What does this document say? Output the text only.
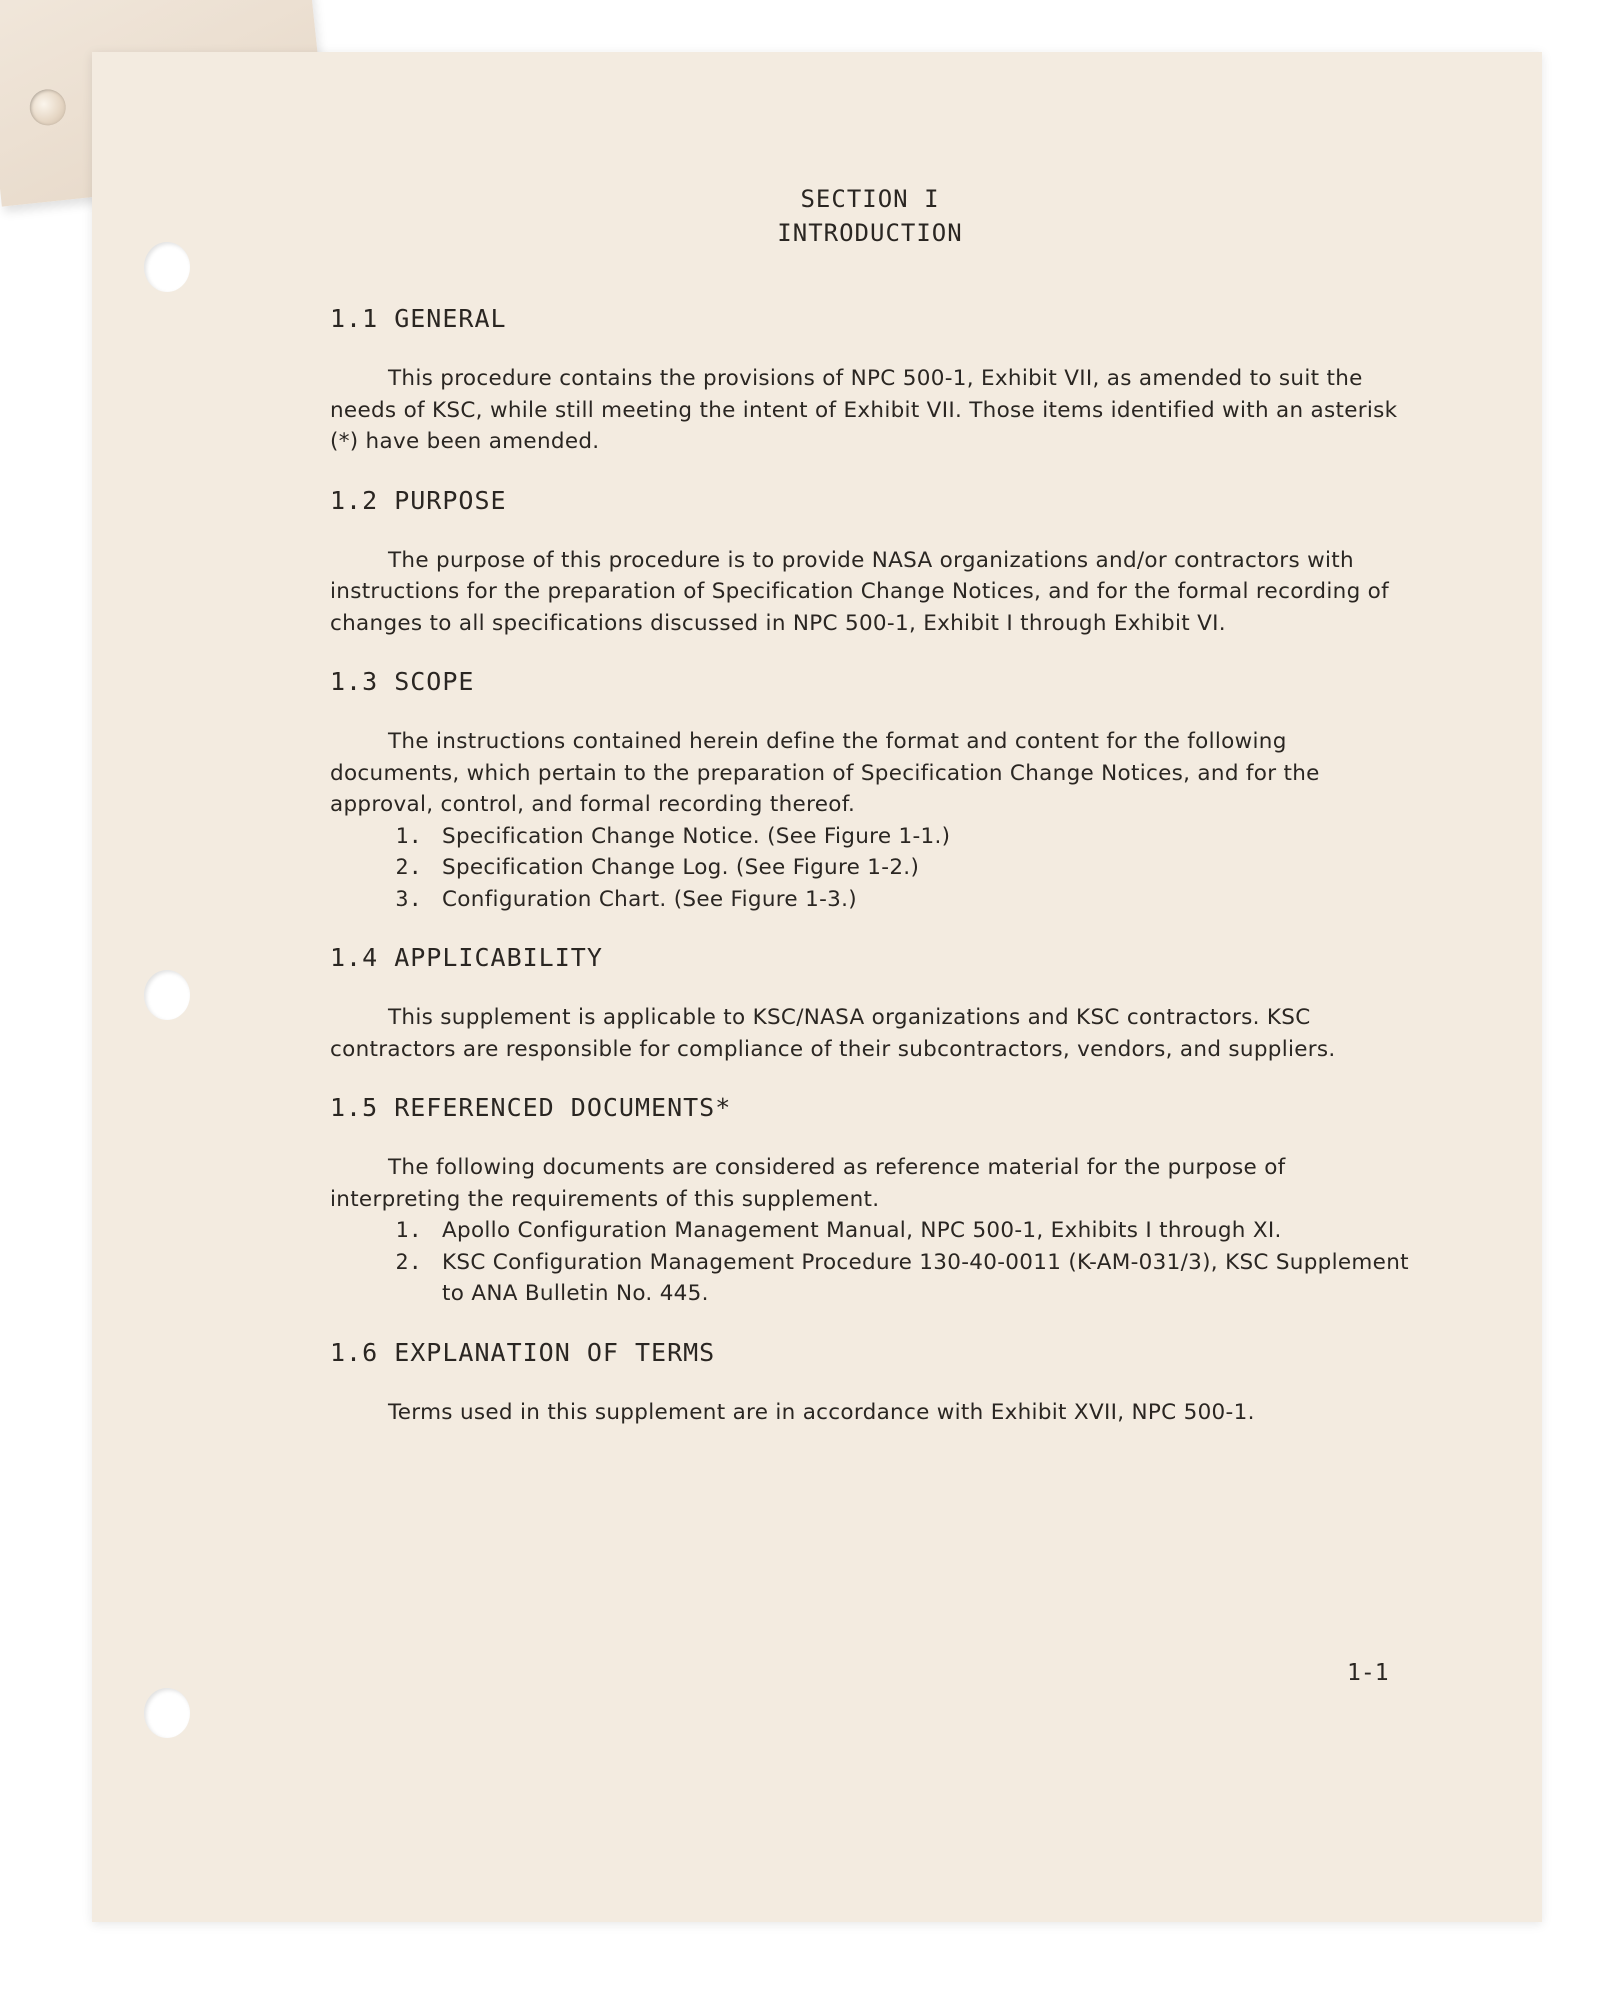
SECTION I
INTRODUCTION
1.1 GENERAL

This procedure contains the provisions of NPC 500-1, Exhibit VII, as amended to suit the needs of KSC, while still meeting the intent of Exhibit VII. Those items identified with an asterisk (*) have been amended.

1.2 PURPOSE

The purpose of this procedure is to provide NASA organizations and/or contractors with instructions for the preparation of Specification Change Notices, and for the formal recording of changes to all specifications discussed in NPC 500-1, Exhibit I through Exhibit VI.

1.3 SCOPE

The instructions contained herein define the format and content for the following documents, which pertain to the preparation of Specification Change Notices, and for the approval, control, and formal recording thereof.

1. Specification Change Notice. (See Figure 1-1.)
2. Specification Change Log. (See Figure 1-2.)
3. Configuration Chart. (See Figure 1-3.)
1.4 APPLICABILITY

This supplement is applicable to KSC/NASA organizations and KSC contractors. KSC contractors are responsible for compliance of their subcontractors, vendors, and suppliers.

1.5 REFERENCED DOCUMENTS*

The following documents are considered as reference material for the purpose of interpreting the requirements of this supplement.

1. Apollo Configuration Management Manual, NPC 500-1, Exhibits I through XI.
2. KSC Configuration Management Procedure 130-40-0011 (K-AM-031/3), KSC Supplement to ANA Bulletin No. 445.
1.6 EXPLANATION OF TERMS

Terms used in this supplement are in accordance with Exhibit XVII, NPC 500-1.

1-1
